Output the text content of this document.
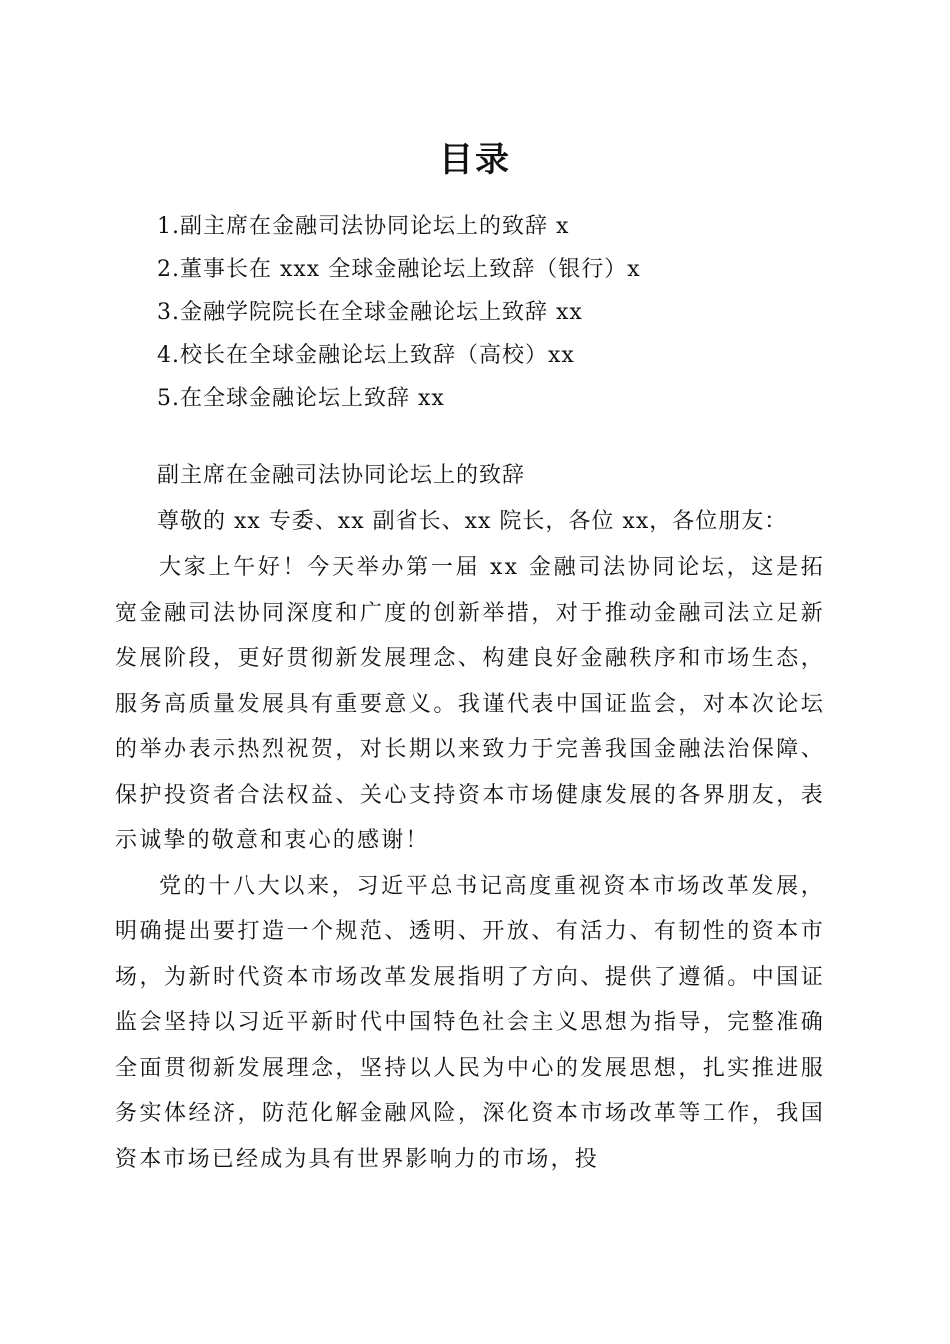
目录
1.副主席在金融司法协同论坛上的致辞 x
2.董事长在 xxx 全球金融论坛上致辞（银行）x
3.金融学院院长在全球金融论坛上致辞 xx
4.校长在全球金融论坛上致辞（高校）xx
5.在全球金融论坛上致辞 xx
副主席在金融司法协同论坛上的致辞
尊敬的 xx 专委、xx 副省长、xx 院长，各位 xx，各位朋友：

大家上午好！今天举办第一届 xx 金融司法协同论坛，这是拓宽金融司法协同深度和广度的创新举措，对于推动金融司法立足新发展阶段，更好贯彻新发展理念、构建良好金融秩序和市场生态，服务高质量发展具有重要意义。我谨代表中国证监会，对本次论坛的举办表示热烈祝贺，对长期以来致力于完善我国金融法治保障、保护投资者合法权益、关心支持资本市场健康发展的各界朋友，表示诚挚的敬意和衷心的感谢！

党的十八大以来，习近平总书记高度重视资本市场改革发展，明确提出要打造一个规范、透明、开放、有活力、有韧性的资本市场，为新时代资本市场改革发展指明了方向、提供了遵循。中国证监会坚持以习近平新时代中国特色社会主义思想为指导，完整准确全面贯彻新发展理念，坚持以人民为中心的发展思想，扎实推进服务实体经济，防范化解金融风险，深化资本市场改革等工作，我国资本市场已经成为具有世界影响力的市场，投
